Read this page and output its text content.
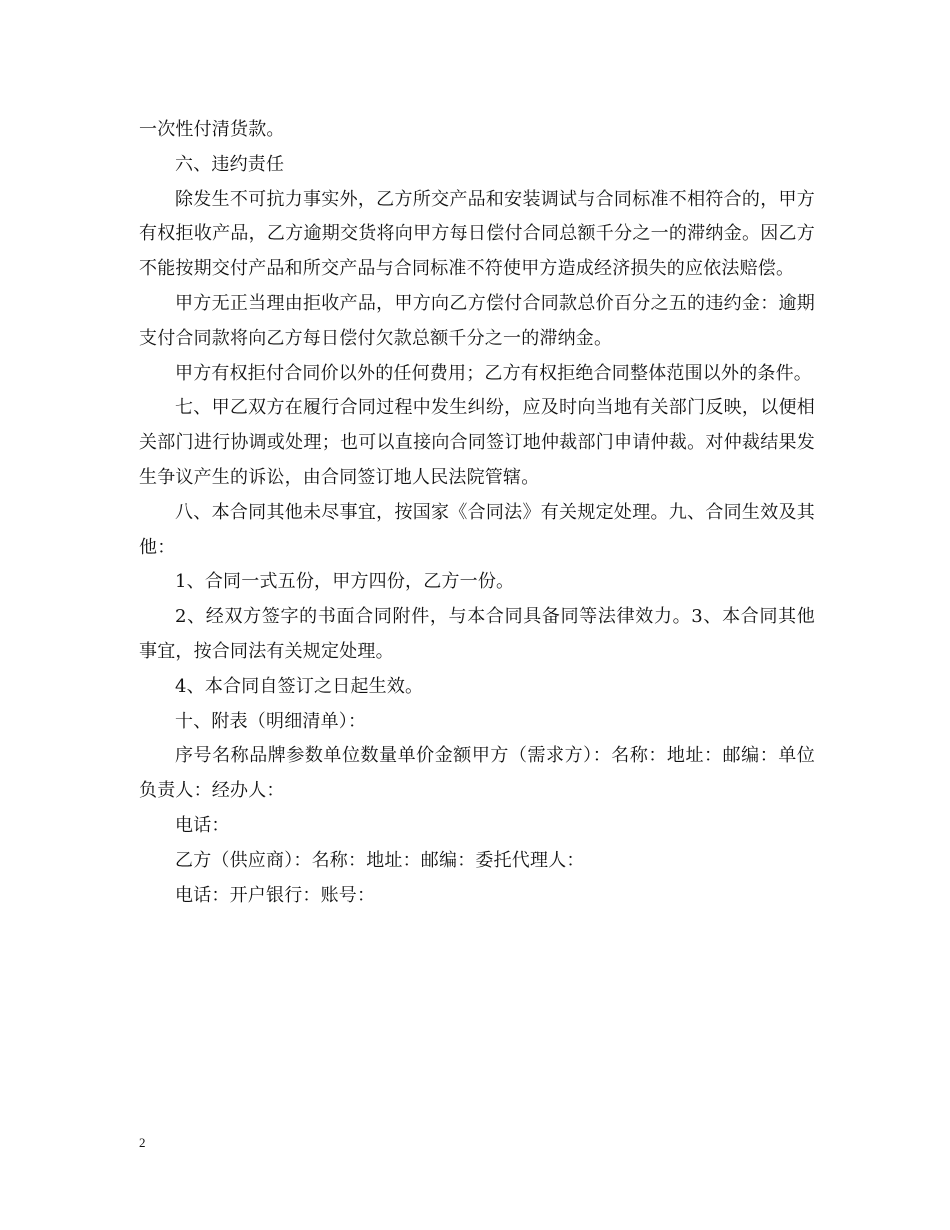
一次性付清货款。

六、违约责任

除发生不可抗力事实外，乙方所交产品和安装调试与合同标准不相符合的，甲方有权拒收产品，乙方逾期交货将向甲方每日偿付合同总额千分之一的滞纳金。因乙方不能按期交付产品和所交产品与合同标准不符使甲方造成经济损失的应依法赔偿。

甲方无正当理由拒收产品，甲方向乙方偿付合同款总价百分之五的违约金：逾期支付合同款将向乙方每日偿付欠款总额千分之一的滞纳金。

甲方有权拒付合同价以外的任何费用；乙方有权拒绝合同整体范围以外的条件。

七、甲乙双方在履行合同过程中发生纠纷，应及时向当地有关部门反映，以便相关部门进行协调或处理；也可以直接向合同签订地仲裁部门申请仲裁。对仲裁结果发生争议产生的诉讼，由合同签订地人民法院管辖。

八、本合同其他未尽事宜，按国家《合同法》有关规定处理。九、合同生效及其他：

1、合同一式五份，甲方四份，乙方一份。

2、经双方签字的书面合同附件，与本合同具备同等法律效力。3、本合同其他事宜，按合同法有关规定处理。

4、本合同自签订之日起生效。

十、附表（明细清单）：

序号名称品牌参数单位数量单价金额甲方（需求方）：名称：地址：邮编：单位负责人：经办人：

电话：

乙方（供应商）：名称：地址：邮编：委托代理人：

电话：开户银行：账号：

2
